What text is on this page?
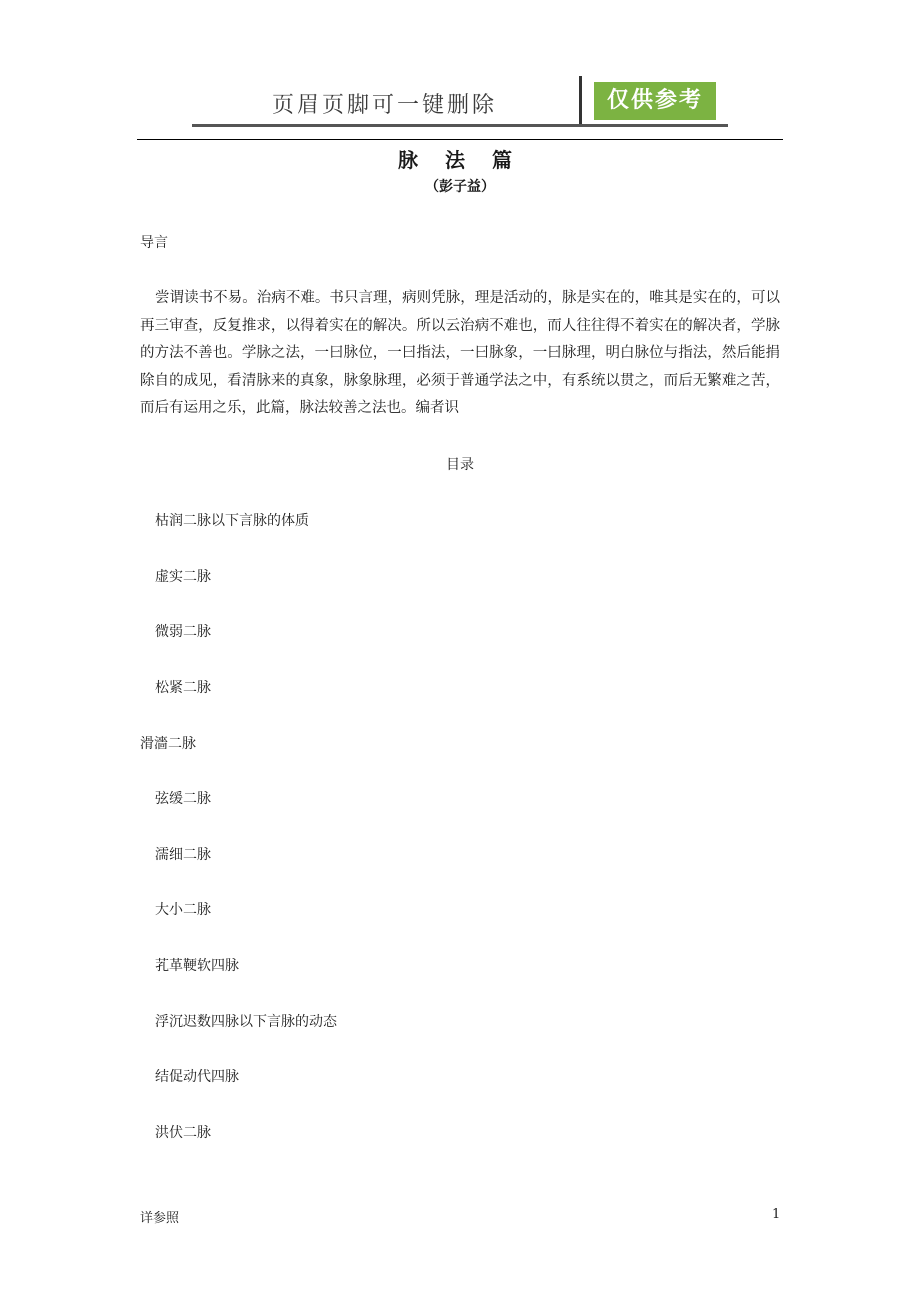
页眉页脚可一键删除	仅供参考
脉 法 篇
（彭子益）
导言

尝谓读书不易。治病不难。书只言理，病则凭脉，理是活动的，脉是实在的，唯其是实在的，可以再三审查，反复推求，以得着实在的解决。所以云治病不难也，而人往往得不着实在的解决者，学脉的方法不善也。学脉之法，一曰脉位，一曰指法，一曰脉象，一曰脉理，明白脉位与指法，然后能捐除自的成见，看清脉来的真象，脉象脉理，必须于普通学法之中，有系统以贯之，而后无繁难之苦，而后有运用之乐，此篇，脉法较善之法也。编者识

目录
枯润二脉以下言脉的体质
虚实二脉
微弱二脉
松紧二脉
滑濇二脉
弦缓二脉
濡细二脉
大小二脉
芤革鞕软四脉
浮沉迟数四脉以下言脉的动态
结促动代四脉
洪伏二脉
详参照	1
